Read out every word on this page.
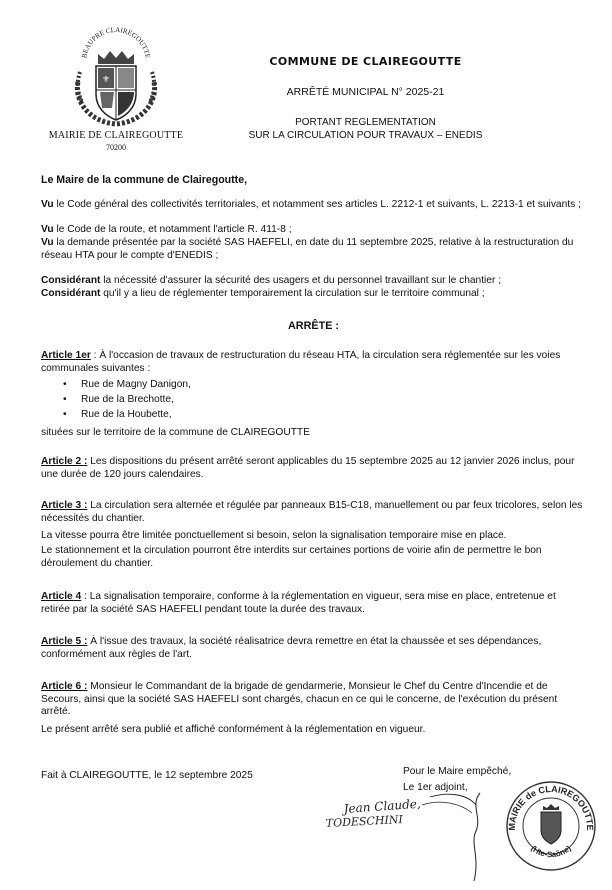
BEAUPRE CLAIREGOUTTE
⚜
MAIRIE DE CLAIREGOUTTE
70200
COMMUNE DE CLAIREGOUTTE
ARRÊTÉ MUNICIPAL N° 2025-21
PORTANT REGLEMENTATION
SUR LA CIRCULATION POUR TRAVAUX – ENEDIS

Le Maire de la commune de Clairegoutte,

Vu le Code général des collectivités territoriales, et notamment ses articles L. 2212-1 et suivants, L. 2213-1 et suivants ;

Vu le Code de la route, et notamment l'article R. 411-8 ;

Vu la demande présentée par la société SAS HAEFELI, en date du 11 septembre 2025, relative à la restructuration du réseau HTA pour le compte d'ENEDIS ;

Considérant la nécessité d'assurer la sécurité des usagers et du personnel travaillant sur le chantier ;

Considérant qu'il y a lieu de réglementer temporairement la circulation sur le territoire communal ;

ARRÊTE :

Article 1er : À l'occasion de travaux de restructuration du réseau HTA, la circulation sera réglementée sur les voies communales suivantes :

• Rue de Magny Danigon,
• Rue de la Brechotte,
• Rue de la Houbette,

situées sur le territoire de la commune de CLAIREGOUTTE

Article 2 : Les dispositions du présent arrêté seront applicables du 15 septembre 2025 au 12 janvier 2026 inclus, pour une durée de 120 jours calendaires.

Article 3 : La circulation sera alternée et régulée par panneaux B15-C18, manuellement ou par feux tricolores, selon les nécessités du chantier.

La vitesse pourra être limitée ponctuellement si besoin, selon la signalisation temporaire mise en place.

Le stationnement et la circulation pourront être interdits sur certaines portions de voirie afin de permettre le bon déroulement du chantier.

Article 4 : La signalisation temporaire, conforme à la réglementation en vigueur, sera mise en place, entretenue et retirée par la société SAS HAEFELI pendant toute la durée des travaux.

Article 5 : À l'issue des travaux, la société réalisatrice devra remettre en état la chaussée et ses dépendances, conformément aux règles de l'art.

Article 6 : Monsieur le Commandant de la brigade de gendarmerie, Monsieur le Chef du Centre d'Incendie et de Secours, ainsi que la société SAS HAEFELI sont chargés, chacun en ce qui le concerne, de l'exécution du présent arrêté.

Le présent arrêté sera publié et affiché conformément à la réglementation en vigueur.

Fait à CLAIREGOUTTE, le 12 septembre 2025	Pour le Maire empêché,
Le 1er adjoint,
Jean Claude,
TODESCHINI	MAIRIE de CLAIREGOUTTE
(Hte-Saône)
